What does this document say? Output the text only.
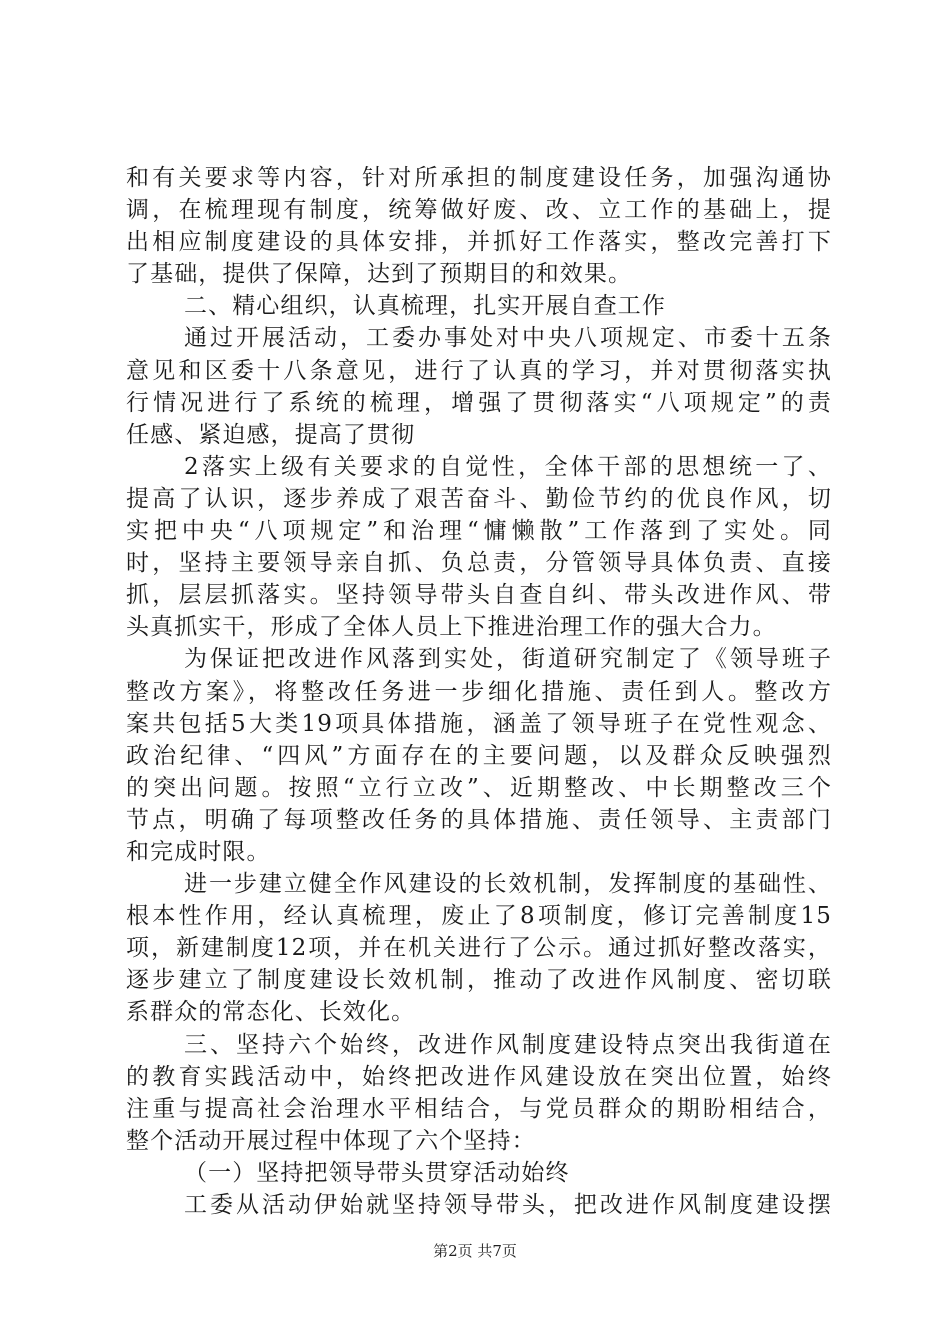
和有关要求等内容，针对所承担的制度建设任务，加强沟通协
调，在梳理现有制度，统筹做好废、改、立工作的基础上，提
出相应制度建设的具体安排，并抓好工作落实，整改完善打下
了基础，提供了保障，达到了预期目的和效果。
二、精心组织，认真梳理，扎实开展自查工作
通过开展活动，工委办事处对中央八项规定、市委十五条
意见和区委十八条意见，进行了认真的学习，并对贯彻落实执
行情况进行了系统的梳理，增强了贯彻落实“八项规定”的责
任感、紧迫感，提高了贯彻
2落实上级有关要求的自觉性，全体干部的思想统一了、
提高了认识，逐步养成了艰苦奋斗、勤俭节约的优良作风，切
实把中央“八项规定”和治理“慵懒散”工作落到了实处。同
时，坚持主要领导亲自抓、负总责，分管领导具体负责、直接
抓，层层抓落实。坚持领导带头自查自纠、带头改进作风、带
头真抓实干，形成了全体人员上下推进治理工作的强大合力。
为保证把改进作风落到实处，街道研究制定了《领导班子
整改方案》，将整改任务进一步细化措施、责任到人。整改方
案共包括5大类19项具体措施，涵盖了领导班子在党性观念、
政治纪律、“四风”方面存在的主要问题，以及群众反映强烈
的突出问题。按照“立行立改”、近期整改、中长期整改三个
节点，明确了每项整改任务的具体措施、责任领导、主责部门
和完成时限。
进一步建立健全作风建设的长效机制，发挥制度的基础性、
根本性作用，经认真梳理，废止了8项制度，修订完善制度15
项，新建制度12项，并在机关进行了公示。通过抓好整改落实，
逐步建立了制度建设长效机制，推动了改进作风制度、密切联
系群众的常态化、长效化。
三、坚持六个始终，改进作风制度建设特点突出我街道在
的教育实践活动中，始终把改进作风建设放在突出位置，始终
注重与提高社会治理水平相结合，与党员群众的期盼相结合，
整个活动开展过程中体现了六个坚持：
（一）坚持把领导带头贯穿活动始终
工委从活动伊始就坚持领导带头，把改进作风制度建设摆
第2页 共7页
